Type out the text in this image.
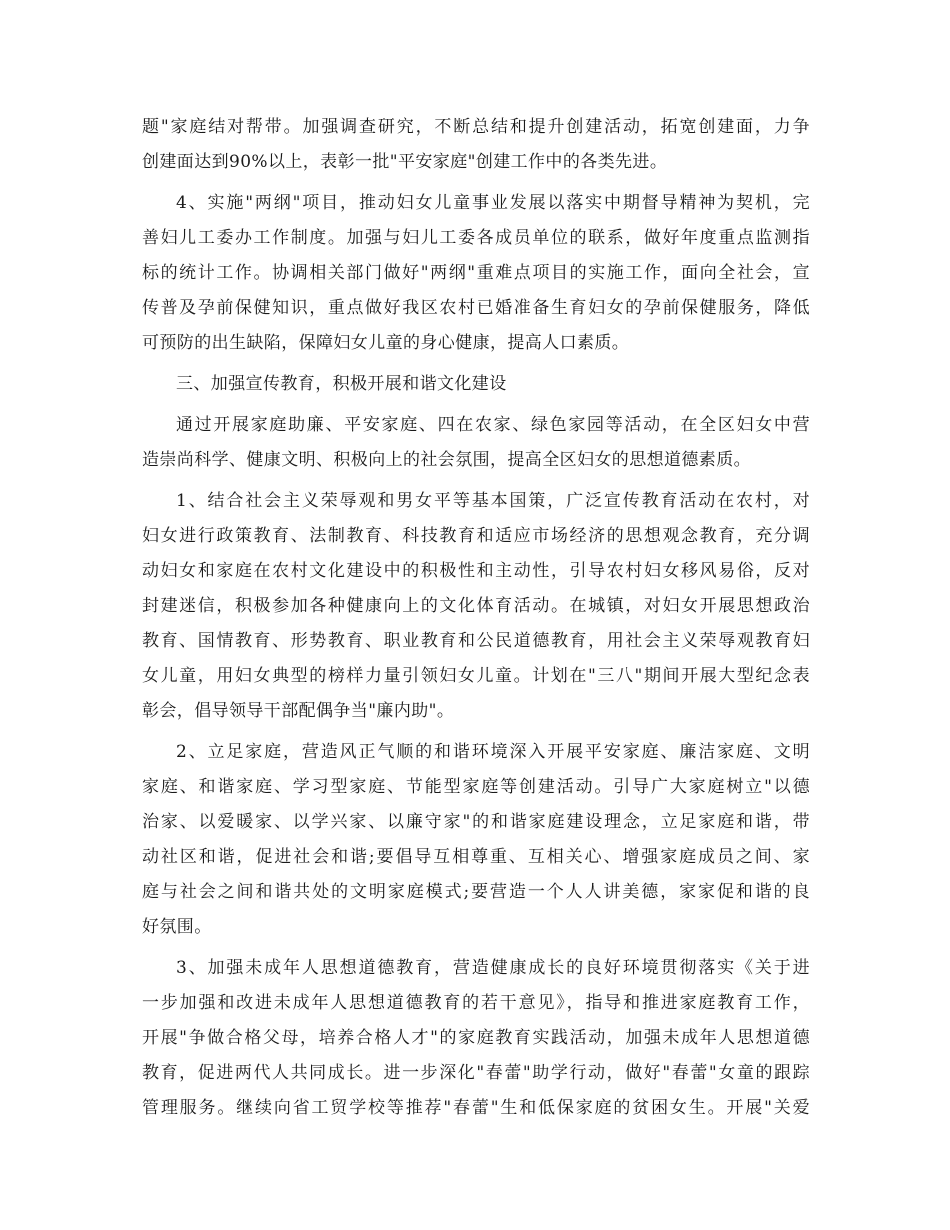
题"家庭结对帮带。加强调查研究，不断总结和提升创建活动，拓宽创建面，力争
创建面达到90%以上，表彰一批"平安家庭"创建工作中的各类先进。
4、实施"两纲"项目，推动妇女儿童事业发展以落实中期督导精神为契机，完
善妇儿工委办工作制度。加强与妇儿工委各成员单位的联系，做好年度重点监测指
标的统计工作。协调相关部门做好"两纲"重难点项目的实施工作，面向全社会，宣
传普及孕前保健知识，重点做好我区农村已婚准备生育妇女的孕前保健服务，降低
可预防的出生缺陷，保障妇女儿童的身心健康，提高人口素质。
三、加强宣传教育，积极开展和谐文化建设
通过开展家庭助廉、平安家庭、四在农家、绿色家园等活动，在全区妇女中营
造崇尚科学、健康文明、积极向上的社会氛围，提高全区妇女的思想道德素质。
1、结合社会主义荣辱观和男女平等基本国策，广泛宣传教育活动在农村，对
妇女进行政策教育、法制教育、科技教育和适应市场经济的思想观念教育，充分调
动妇女和家庭在农村文化建设中的积极性和主动性，引导农村妇女移风易俗，反对
封建迷信，积极参加各种健康向上的文化体育活动。在城镇，对妇女开展思想政治
教育、国情教育、形势教育、职业教育和公民道德教育，用社会主义荣辱观教育妇
女儿童，用妇女典型的榜样力量引领妇女儿童。计划在"三八"期间开展大型纪念表
彰会，倡导领导干部配偶争当"廉内助"。
2、立足家庭，营造风正气顺的和谐环境深入开展平安家庭、廉洁家庭、文明
家庭、和谐家庭、学习型家庭、节能型家庭等创建活动。引导广大家庭树立"以德
治家、以爱暖家、以学兴家、以廉守家"的和谐家庭建设理念，立足家庭和谐，带
动社区和谐，促进社会和谐;要倡导互相尊重、互相关心、增强家庭成员之间、家
庭与社会之间和谐共处的文明家庭模式;要营造一个人人讲美德，家家促和谐的良
好氛围。
3、加强未成年人思想道德教育，营造健康成长的良好环境贯彻落实《关于进
一步加强和改进未成年人思想道德教育的若干意见》，指导和推进家庭教育工作，
开展"争做合格父母，培养合格人才"的家庭教育实践活动，加强未成年人思想道德
教育，促进两代人共同成长。进一步深化"春蕾"助学行动，做好"春蕾"女童的跟踪
管理服务。继续向省工贸学校等推荐"春蕾"生和低保家庭的贫困女生。开展"关爱
